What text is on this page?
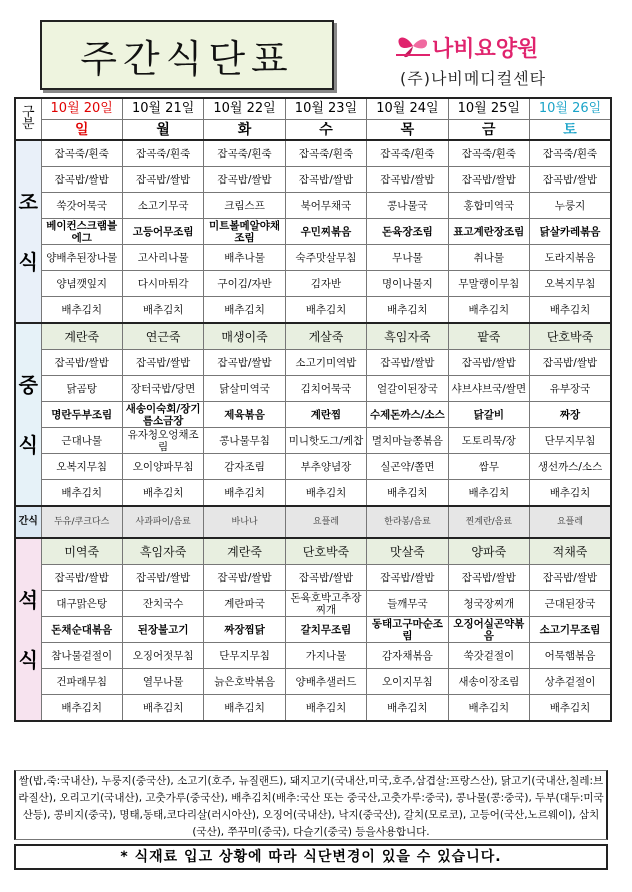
주간식단표	나비요양원
(주)나비메디컬센타
구분	10월 20일	10월 21일	10월 22일	10월 23일	10월 24일	10월 25일	10월 26일
	일	월	화	수	목	금	토

조
식	잡곡죽/흰죽	잡곡죽/흰죽	잡곡죽/흰죽	잡곡죽/흰죽	잡곡죽/흰죽	잡곡죽/흰죽	잡곡죽/흰죽
	잡곡밥/쌀밥	잡곡밥/쌀밥	잡곡밥/쌀밥	잡곡밥/쌀밥	잡곡밥/쌀밥	잡곡밥/쌀밥	잡곡밥/쌀밥
	쑥갓어묵국	소고기무국	크림스프	북어무채국	콩나물국	홍합미역국	누룽지
	베이컨스크램블에그	고등어무조림	미트볼메알야채조림	우민찌볶음	돈육장조림	표고계란장조림	닭살카레볶음
	양배추된장나물	고사리나물	배추나물	숙주맛살무침	무나물	취나물	도라지볶음
	양념깻잎지	다시마튀각	구이김/자반	김자반	명이나물지	무말랭이무침	오복지무침
	배추김치	배추김치	배추김치	배추김치	배추김치	배추김치	배추김치

중
식	계란죽	연근죽	매생이죽	게살죽	흑임자죽	팥죽	단호박죽
	잡곡밥/쌀밥	잡곡밥/쌀밥	잡곡밥/쌀밥	소고기미역밥	잡곡밥/쌀밥	잡곡밥/쌀밥	잡곡밥/쌀밥
	닭곰탕	장터국밥/당면	닭살미역국	김치어묵국	얼갈이된장국	샤브샤브국/쌀면	유부장국
	명란두부조림	새송이숙회/장기름소금장	제육볶음	계란찜	수제돈까스/소스	닭갈비	짜장
	근대나물	유자청오엉채조림	콩나물무침	미니핫도그/케찹	멸치마늘쫑볶음	도토리묵/장	단무지무침
	오복지무침	오이양파무침	감자조림	부추양념장	실곤약/쫄면	쌈무	생선까스/소스
	배추김치	배추김치	배추김치	배추김치	배추김치	배추김치	배추김치
간식	두유/쿠크다스	사과파이/음료	바나나	요플레	한라봉/음료	찐계란/음료	요플레

석
식	미역죽	흑임자죽	계란죽	단호박죽	맛살죽	양파죽	적채죽
	잡곡밥/쌀밥	잡곡밥/쌀밥	잡곡밥/쌀밥	잡곡밥/쌀밥	잡곡밥/쌀밥	잡곡밥/쌀밥	잡곡밥/쌀밥
	대구맑은탕	잔치국수	계란파국	돈육호박고추장찌개	들깨무국	청국장찌개	근대된장국
	돈채순대볶음	된장불고기	짜장찜닭	갈치무조림	동태고구마순조림	오징어실곤약볶음	소고기무조림
	참나물겉절이	오징어젓무침	단무지무침	가지나물	감자채볶음	쑥갓겉절이	어묵햄볶음
	건파래무침	열무나물	늙은호박볶음	양배추샐러드	오이지무침	새송이장조림	상추겉절이
	배추김치	배추김치	배추김치	배추김치	배추김치	배추김치	배추김치
쌀(밥,죽:국내산), 누룽지(중국산), 소고기(호주, 뉴질랜드), 돼지고기(국내산,미국,호주,삼겹살:프랑스산), 닭고기(국내산,칠레:브라질산), 오리고기(국내산), 고춧가루(중국산), 배추김치(배추:국산 또는 중국산,고춧가루:중국), 콩나물(콩:중국), 두부(대두:미국산등), 콩비지(중국), 명태,동태,코다리살(러시아산), 오징어(국내산), 낙지(중국산), 갈치(모로코), 고등어(국산,노르웨이), 삼치(국산), 쭈꾸미(중국), 다슬기(중국) 등을사용합니다.
* 식재료 입고 상황에 따라 식단변경이 있을 수 있습니다.
